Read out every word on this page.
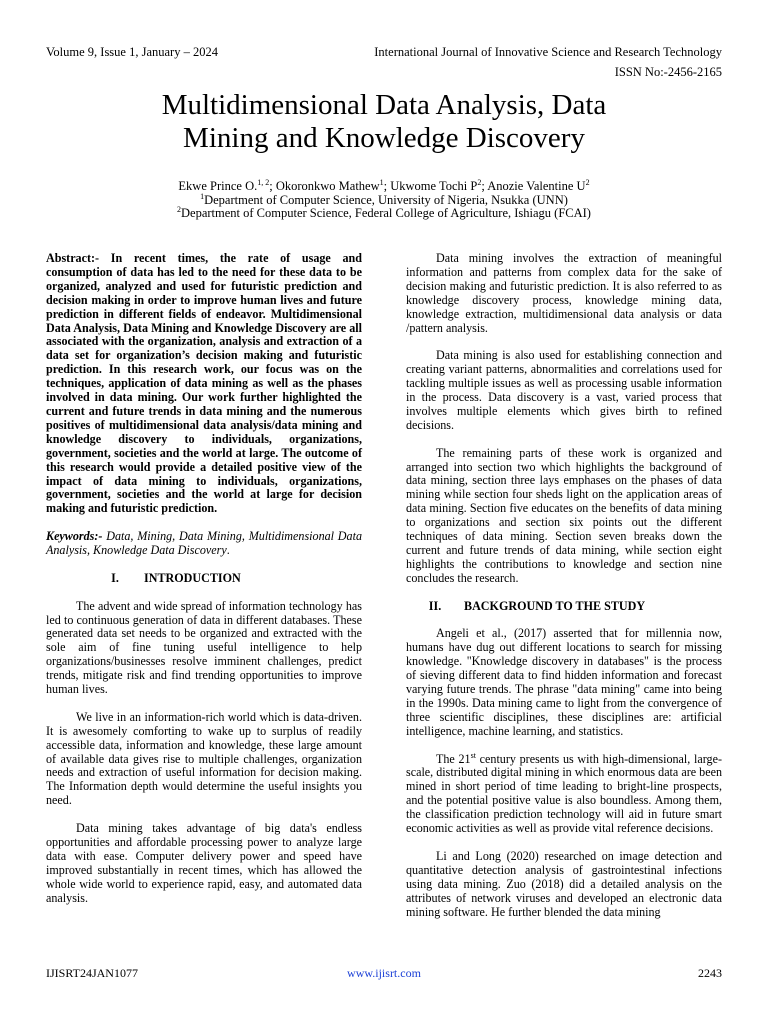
Volume 9, Issue 1, January – 2024	International Journal of Innovative Science and Research Technology
ISSN No:-2456-2165
Multidimensional Data Analysis, Data
Mining and Knowledge Discovery
Ekwe Prince O.$^{1, 2}$; Okoronkwo Mathew$^1$; Ukwome Tochi $P^2$; Anozie Valentine $U^2$
$^1$Department of Computer Science, University of Nigeria, Nsukka (UNN)
$^2$Department of Computer Science, Federal College of Agriculture, Ishiagu (FCAI)

Abstract:- In recent times, the rate of usage and consumption of data has led to the need for these data to be organized, analyzed and used for futuristic prediction and decision making in order to improve human lives and future prediction in different fields of endeavor. Multidimensional Data Analysis, Data Mining and Knowledge Discovery are all associated with the organization, analysis and extraction of a data set for organization’s decision making and futuristic prediction. In this research work, our focus was on the techniques, application of data mining as well as the phases involved in data mining. Our work further highlighted the current and future trends in data mining and the numerous positives of multidimensional data analysis/data mining and knowledge discovery to individuals, organizations, government, societies and the world at large. The outcome of this research would provide a detailed positive view of the impact of data mining to individuals, organizations, government, societies and the world at large for decision making and futuristic prediction.

Keywords:- Data, Mining, Data Mining, Multidimensional Data Analysis, Knowledge Data Discovery.

I.	INTRODUCTION

The advent and wide spread of information technology has led to continuous generation of data in different databases. These generated data set needs to be organized and extracted with the sole aim of fine tuning useful intelligence to help organizations/businesses resolve imminent challenges, predict trends, mitigate risk and find trending opportunities to improve human lives.

We live in an information-rich world which is data-driven. It is awesomely comforting to wake up to surplus of readily accessible data, information and knowledge, these large amount of available data gives rise to multiple challenges, organization needs and extraction of useful information for decision making. The Information depth would determine the useful insights you need.

Data mining takes advantage of big data's endless opportunities and affordable processing power to analyze large data with ease. Computer delivery power and speed have improved substantially in recent times, which has allowed the whole wide world to experience rapid, easy, and automated data analysis.

Data mining involves the extraction of meaningful information and patterns from complex data for the sake of decision making and futuristic prediction. It is also referred to as knowledge discovery process, knowledge mining data, knowledge extraction, multidimensional data analysis or data /pattern analysis.

Data mining is also used for establishing connection and creating variant patterns, abnormalities and correlations used for tackling multiple issues as well as processing usable information in the process. Data discovery is a vast, varied process that involves multiple elements which gives birth to refined decisions.

The remaining parts of these work is organized and arranged into section two which highlights the background of data mining, section three lays emphases on the phases of data mining while section four sheds light on the application areas of data mining. Section five educates on the benefits of data mining to organizations and section six points out the different techniques of data mining. Section seven breaks down the current and future trends of data mining, while section eight highlights the contributions to knowledge and section nine concludes the research.

II.	BACKGROUND TO THE STUDY

Angeli et al., (2017) asserted that for millennia now, humans have dug out different locations to search for missing knowledge. "Knowledge discovery in databases" is the process of sieving different data to find hidden information and forecast varying future trends. The phrase "data mining" came into being in the 1990s. Data mining came to light from the convergence of three scientific disciplines, these disciplines are: artificial intelligence, machine learning, and statistics.

The 21st century presents us with high-dimensional, large-scale, distributed digital mining in which enormous data are been mined in short period of time leading to bright-line prospects, and the potential positive value is also boundless. Among them, the classification prediction technology will aid in future smart economic activities as well as provide vital reference decisions.

Li and Long (2020) researched on image detection and quantitative detection analysis of gastrointestinal infections using data mining. Zuo (2018) did a detailed analysis on the attributes of network viruses and developed an electronic data mining software. He further blended the data mining

IJISRT24JAN1077	www.ijisrt.com	2243
